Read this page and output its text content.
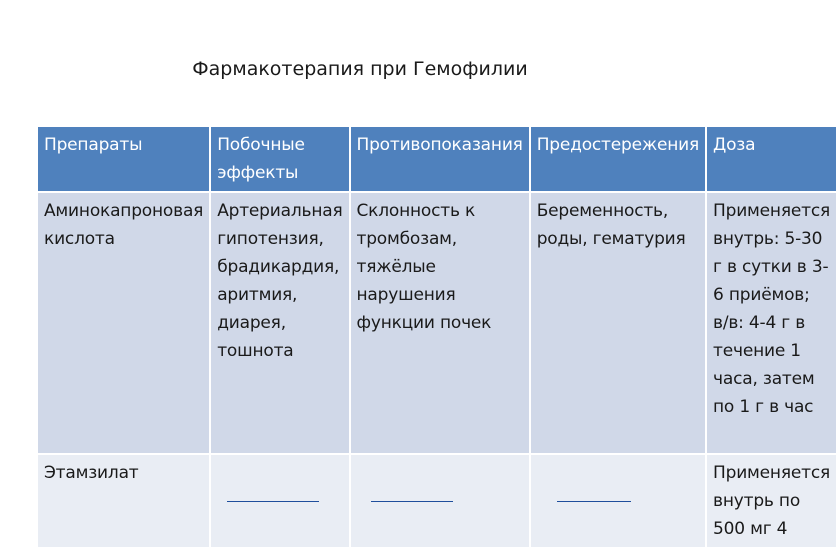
Фармакотерапия при Гемофилии
Препараты	Побочные эффекты	Противопоказания	Предостережения	Доза
Аминокапроновая кислота	Артериальная гипотензия, брадикардия, аритмия, диарея, тошнота	Склонность к тромбозам, тяжёлые нарушения функции почек	Беременность, роды, гематурия	Применяется внутрь: 5-30 г в сутки в 3-6 приёмов; в/в: 4-4 г в течение 1 часа, затем по 1 г в час
Этамзилат				Применяется внутрь по 500 мг 4
